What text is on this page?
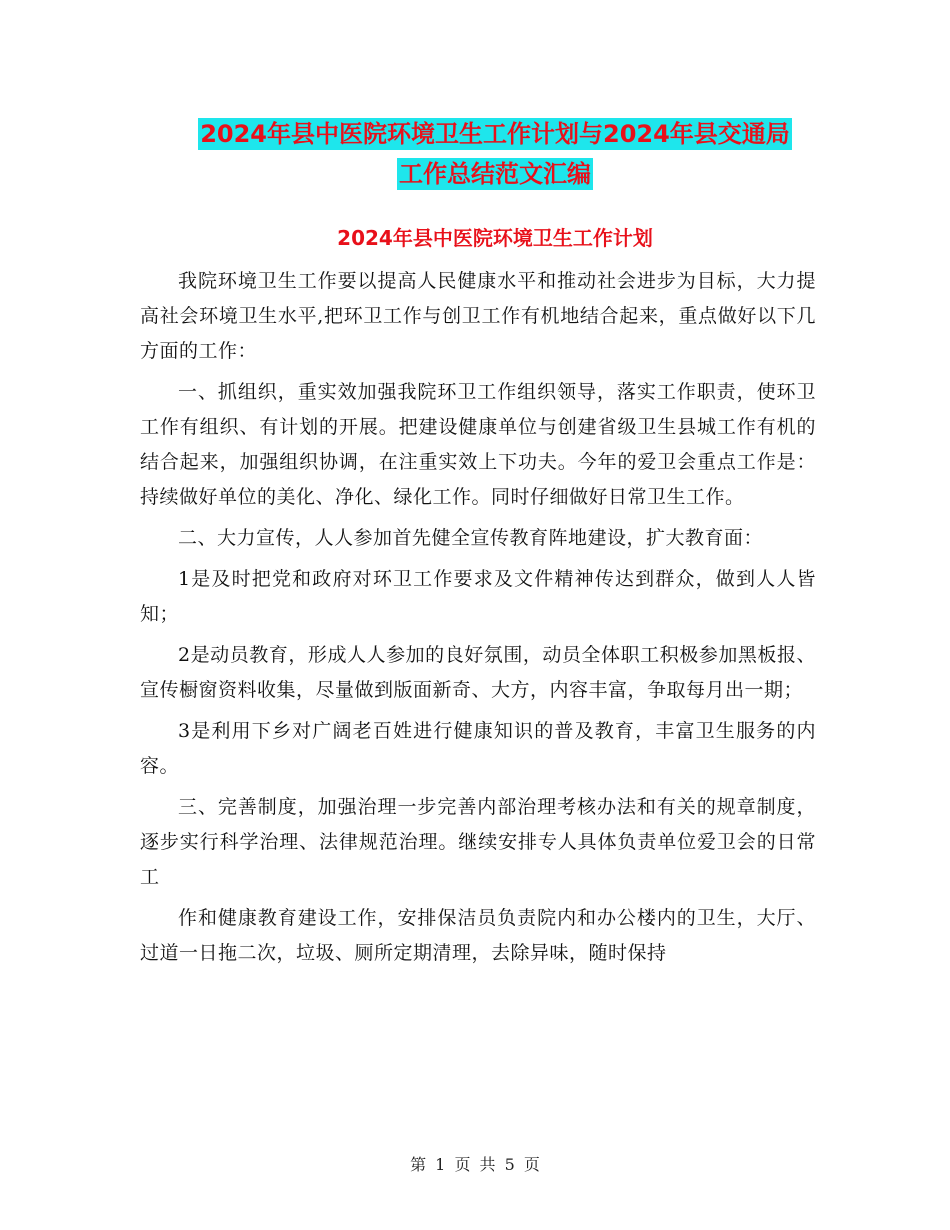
2024年县中医院环境卫生工作计划与2024年县交通局
工作总结范文汇编
2024年县中医院环境卫生工作计划

我院环境卫生工作要以提高人民健康水平和推动社会进步为目标，大力提高社会环境卫生水平,把环卫工作与创卫工作有机地结合起来，重点做好以下几方面的工作：

一、抓组织，重实效加强我院环卫工作组织领导，落实工作职责，使环卫工作有组织、有计划的开展。把建设健康单位与创建省级卫生县城工作有机的结合起来，加强组织协调，在注重实效上下功夫。今年的爱卫会重点工作是：持续做好单位的美化、净化、绿化工作。同时仔细做好日常卫生工作。

二、大力宣传，人人参加首先健全宣传教育阵地建设，扩大教育面：

1是及时把党和政府对环卫工作要求及文件精神传达到群众，做到人人皆知；

2是动员教育，形成人人参加的良好氛围，动员全体职工积极参加黑板报、宣传橱窗资料收集，尽量做到版面新奇、大方，内容丰富，争取每月出一期；

3是利用下乡对广阔老百姓进行健康知识的普及教育，丰富卫生服务的内容。

三、完善制度，加强治理一步完善内部治理考核办法和有关的规章制度，逐步实行科学治理、法律规范治理。继续安排专人具体负责单位爱卫会的日常工

作和健康教育建设工作，安排保洁员负责院内和办公楼内的卫生，大厅、过道一日拖二次，垃圾、厕所定期清理，去除异味，随时保持

第 1 页 共 5 页
